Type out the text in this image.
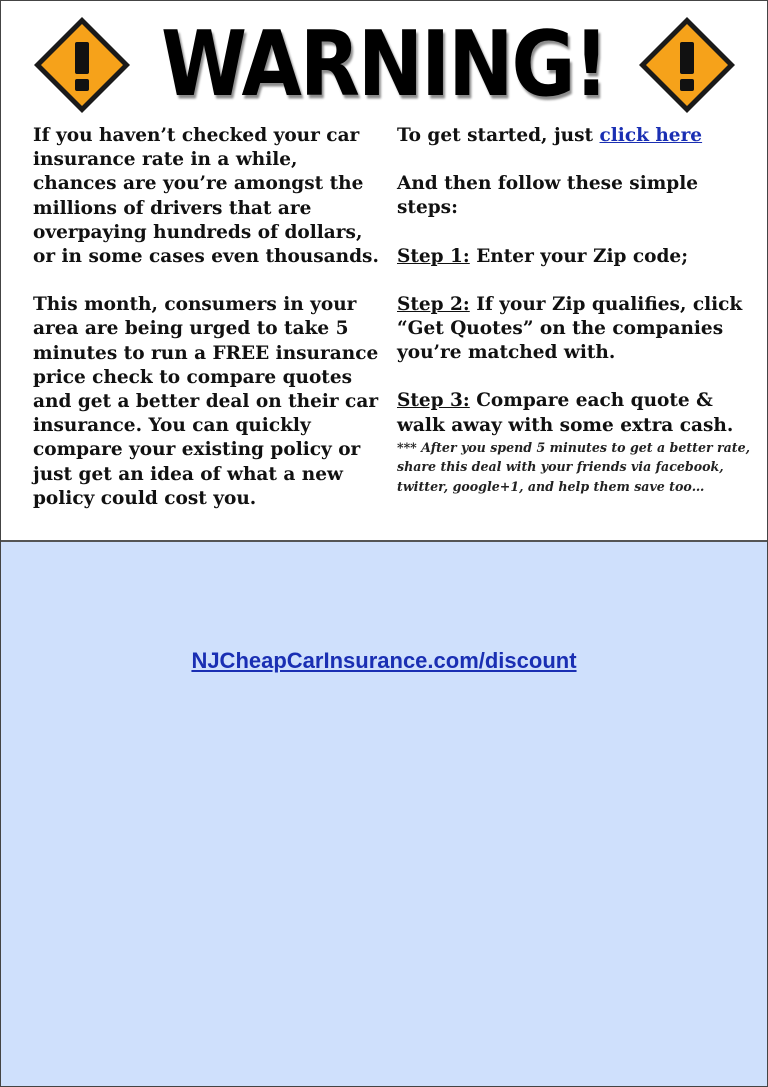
WARNING!

If you haven’t checked your car insurance rate in a while, chances are you’re amongst the millions of drivers that are overpaying hundreds of dollars, or in some cases even thousands.

This month, consumers in your area are being urged to take 5 minutes to run a FREE insurance price check to compare quotes and get a better deal on their car insurance. You can quickly compare your existing policy or just get an idea of what a new policy could cost you.

To get started, just click here

And then follow these simple steps:

Step 1: Enter your Zip code;

Step 2: If your Zip qualifies, click “Get Quotes” on the companies you’re matched with.

Step 3: Compare each quote & walk away with some extra cash.

*** After you spend 5 minutes to get a better rate, share this deal with your friends via facebook, twitter, google+1, and help them save too…

NJCheapCarInsurance.com/discount
